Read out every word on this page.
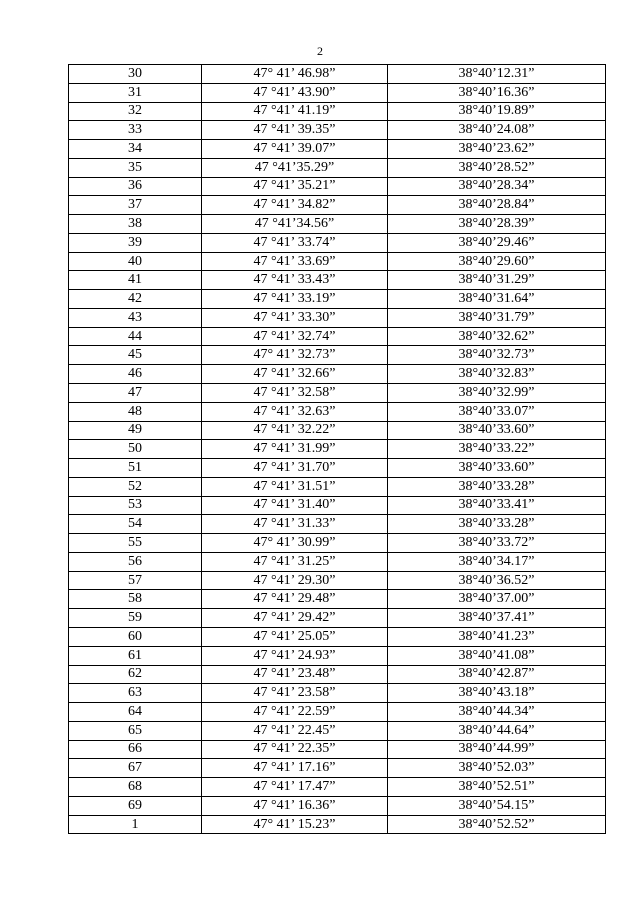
2
30	47° 41’ 46.98”	38°40’12.31”
31	47 °41’ 43.90”	38°40’16.36”
32	47 °41’ 41.19”	38°40’19.89”
33	47 °41’ 39.35”	38°40’24.08”
34	47 °41’ 39.07”	38°40’23.62”
35	47 °41’35.29”	38°40’28.52”
36	47 °41’ 35.21”	38°40’28.34”
37	47 °41’ 34.82”	38°40’28.84”
38	47 °41’34.56”	38°40’28.39”
39	47 °41’ 33.74”	38°40’29.46”
40	47 °41’ 33.69”	38°40’29.60”
41	47 °41’ 33.43”	38°40’31.29”
42	47 °41’ 33.19”	38°40’31.64”
43	47 °41’ 33.30”	38°40’31.79”
44	47 °41’ 32.74”	38°40’32.62”
45	47° 41’ 32.73”	38°40’32.73”
46	47 °41’ 32.66”	38°40’32.83”
47	47 °41’ 32.58”	38°40’32.99”
48	47 °41’ 32.63”	38°40’33.07”
49	47 °41’ 32.22”	38°40’33.60”
50	47 °41’ 31.99”	38°40’33.22”
51	47 °41’ 31.70”	38°40’33.60”
52	47 °41’ 31.51”	38°40’33.28”
53	47 °41’ 31.40”	38°40’33.41”
54	47 °41’ 31.33”	38°40’33.28”
55	47° 41’ 30.99”	38°40’33.72”
56	47 °41’ 31.25”	38°40’34.17”
57	47 °41’ 29.30”	38°40’36.52”
58	47 °41’ 29.48”	38°40’37.00”
59	47 °41’ 29.42”	38°40’37.41”
60	47 °41’ 25.05”	38°40’41.23”
61	47 °41’ 24.93”	38°40’41.08”
62	47 °41’ 23.48”	38°40’42.87”
63	47 °41’ 23.58”	38°40’43.18”
64	47 °41’ 22.59”	38°40’44.34”
65	47 °41’ 22.45”	38°40’44.64”
66	47 °41’ 22.35”	38°40’44.99”
67	47 °41’ 17.16”	38°40’52.03”
68	47 °41’ 17.47”	38°40’52.51”
69	47 °41’ 16.36”	38°40’54.15”
1	47° 41’ 15.23”	38°40’52.52”
